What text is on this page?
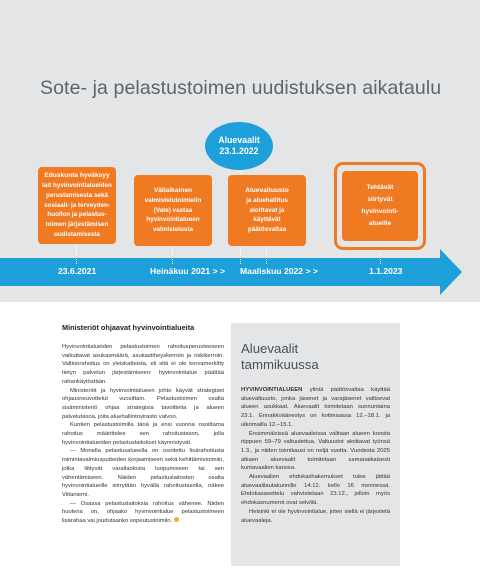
Sote- ja pelastustoimen uudistuksen aikataulu
Aluevaalit
23.1.2022
Eduskunta hyväksyy
lait hyvinvointialueiden
perustamisesta sekä
sosiaali- ja terveyden-
huollon ja pelastus-
toimen järjestämisen
uudistamisesta
Väliaikainen
valmistelutoimielin
(Vate) vastaa
hyvinvointialueen
valmistelusta
Aluevaltuusto
ja aluehallitus
aloittavat ja
käyttävät
päätösvaltaa
Tehtävät
siirtyvät
hyvinvointi-
alueille

23.6.2021	Heinäkuu 2021 > > Maaliskuu 2022 > >	1.1.2023

Ministeriöt ohjaavat hyvinvointialueita

Hyvinvointialueiden pelastustoimen rahoitusperusteeseen vaikuttavat asukasmäärä, asukastiheyskerroin ja riskikerroin. Valtionrahoitus on yleiskatteista, eli sitä ei ole korvamerkitty tietyn palvelun järjestämiseen: hyvinvointialue päättää rahankäytöstään.

Ministeriöt ja hyvinvointialueen johto käyvät strategiset ohjausneuvottelut vuosittain. Pelastustoimen osalta sisäministeriö ohjaa strategisia tavoitteita ja alueen palvelutasoa, joita aluehallintovirasto valvoo.

Kuntien pelastustoimilla tänä ja ensi vuonna osoittama rahoitus määrittelee sen rahoitustason, jolla hyvinvointialueiden pelastuslaitokset käynnistyvät.

— Monella pelastusalueella on osoitettu lisärahoitusta toimintavalmiusputteiden korjaamiseen sekä kehittämistoimiin, jotka liittyvät varallaolosta luopumiseen tai sen vähentämiseen. Näiden pelastuslaitosten osalta hyvinvointialueille siirrytään hyvällä rahoitustasolla, näkee Viitaniemi.

— Osassa pelastuslaitoksia rahoitus vähenee. Niiden huolena on, ohjaako hyvinvointialue pelastustoimeen lisärahaa vai joudutaanko sopeutustoimiin.

Aluevaalit
tammikuussa

HYVINVOINTIALUEEN ylintä päätösvaltaa käyttää aluevaltuusto, jonka jäsenet ja varajäsenet valitsevat alueen asukkaat. Aluevaalit toimitetaan sunnuntaina 23.1. Ennakkoäänestys on kotimaassa 12.–18.1. ja ulkomailla 12.–15.1.

Ensimmäisissä aluevaaleissa valitaan alueen koosta riippuen 59–79 valtuutettua. Valtuustot aloittavat työnsä 1.3., ja niiden toimikausi on neljä vuotta. Vuodesta 2025 alkaen aluevaalit toimitetaan samanaikaisesti kuntavaalien kanssa.

Aluevaalien ehdokashakemukset tulee jättää aluevaalilautakunnille 14.12. kello 16 mennessä. Ehdokasasettelu vahvistetaan 23.12., jolloin myös ehdokasnumerot ovat selvillä.

Helsinki ei ole hyvinvointialue, joten siellä ei järjestetä aluevaaleja.
